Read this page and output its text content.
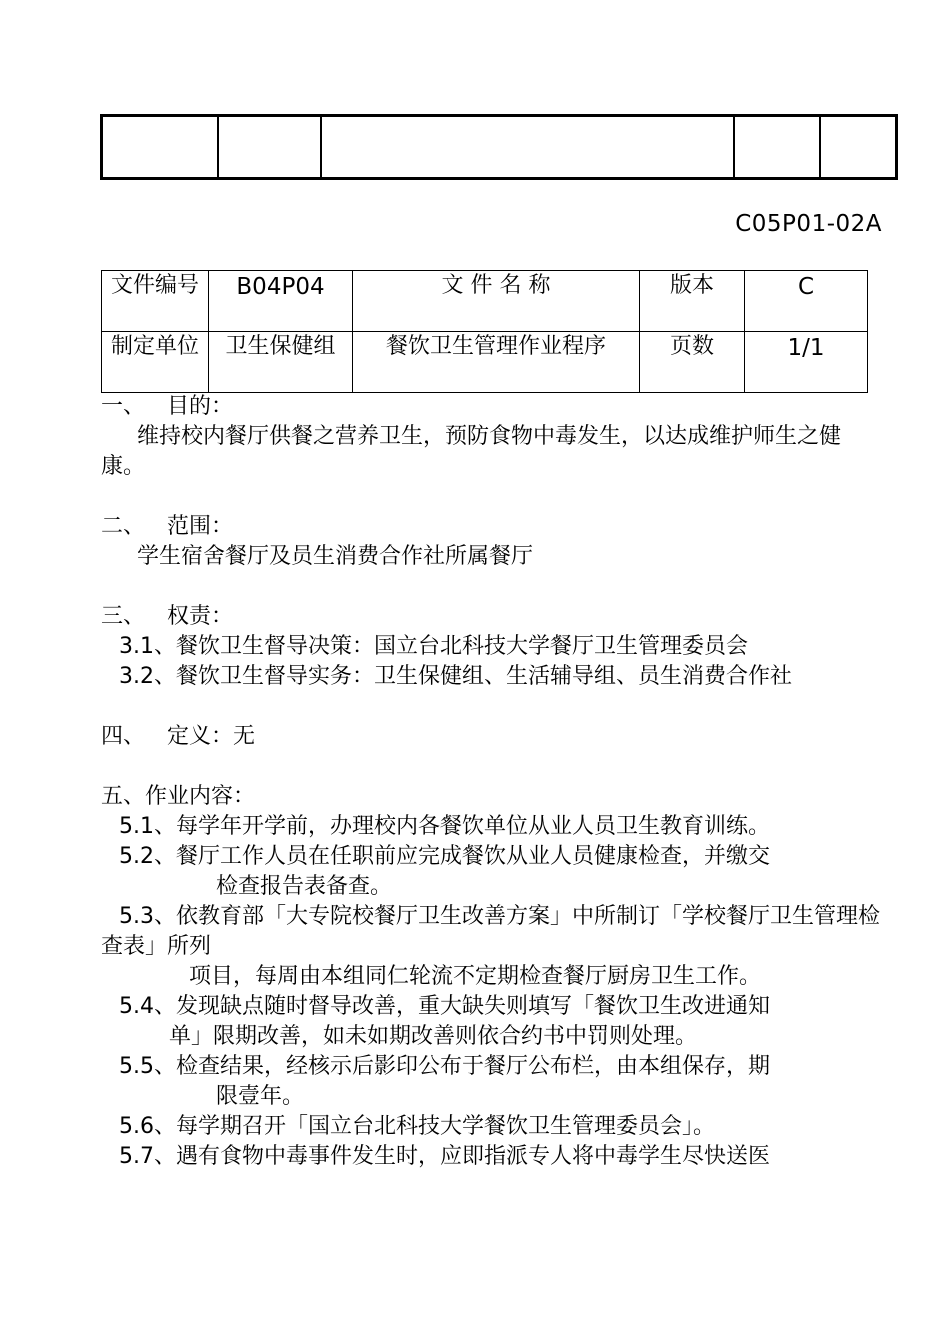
C05P01-02A
文件编号	B04P04	文 件 名 称	版本	C
制定单位	卫生保健组	餐饮卫生管理作业程序	页数	1/1

一、 目的：

维持校内餐厅供餐之营养卫生，预防食物中毒发生，以达成维护师生之健康。

二、 范围：

学生宿舍餐厅及员生消费合作社所属餐厅

三、 权责：

3.1、餐饮卫生督导决策：国立台北科技大学餐厅卫生管理委员会

3.2、餐饮卫生督导实务：卫生保健组、生活辅导组、员生消费合作社

四、 定义：无

五、作业内容：

5.1、每学年开学前，办理校内各餐饮单位从业人员卫生教育训练。

5.2、餐厅工作人员在任职前应完成餐饮从业人员健康检查，并缴交

检查报告表备查。

5.3、依教育部「大专院校餐厅卫生改善方案」中所制订「学校餐厅卫生管理检查表」所列

项目，每周由本组同仁轮流不定期检查餐厅厨房卫生工作。

5.4、发现缺点随时督导改善，重大缺失则填写「餐饮卫生改进通知

单」限期改善，如未如期改善则依合约书中罚则处理。

5.5、检查结果，经核示后影印公布于餐厅公布栏，由本组保存，期

限壹年。

5.6、每学期召开「国立台北科技大学餐饮卫生管理委员会」。

5.7、遇有食物中毒事件发生时，应即指派专人将中毒学生尽快送医
